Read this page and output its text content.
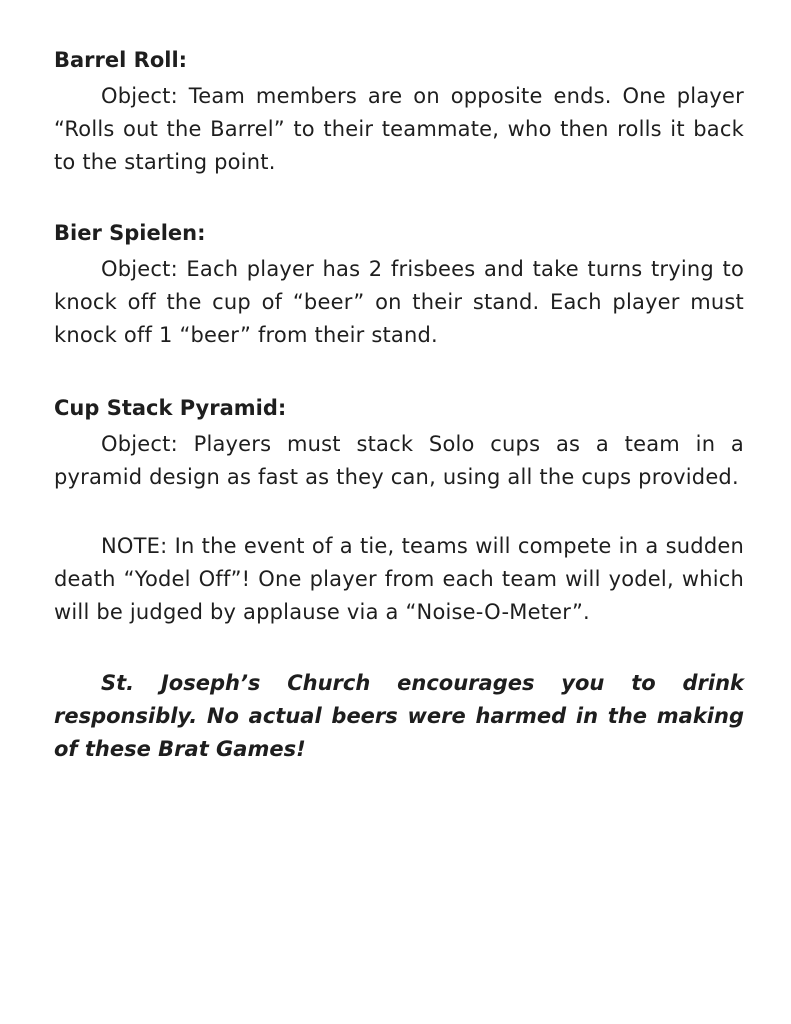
Barrel Roll:

Object: Team members are on opposite ends. One player “Rolls out the Barrel” to their teammate, who then rolls it back to the starting point.

Bier Spielen:

Object: Each player has 2 frisbees and take turns trying to knock off the cup of “beer” on their stand. Each player must knock off 1 “beer” from their stand.

Cup Stack Pyramid:

Object: Players must stack Solo cups as a team in a pyramid design as fast as they can, using all the cups provided.

NOTE: In the event of a tie, teams will compete in a sudden death “Yodel Off”! One player from each team will yodel, which will be judged by applause via a “Noise-O-Meter”.

St. Joseph’s Church encourages you to drink responsibly. No actual beers were harmed in the making of these Brat Games!
